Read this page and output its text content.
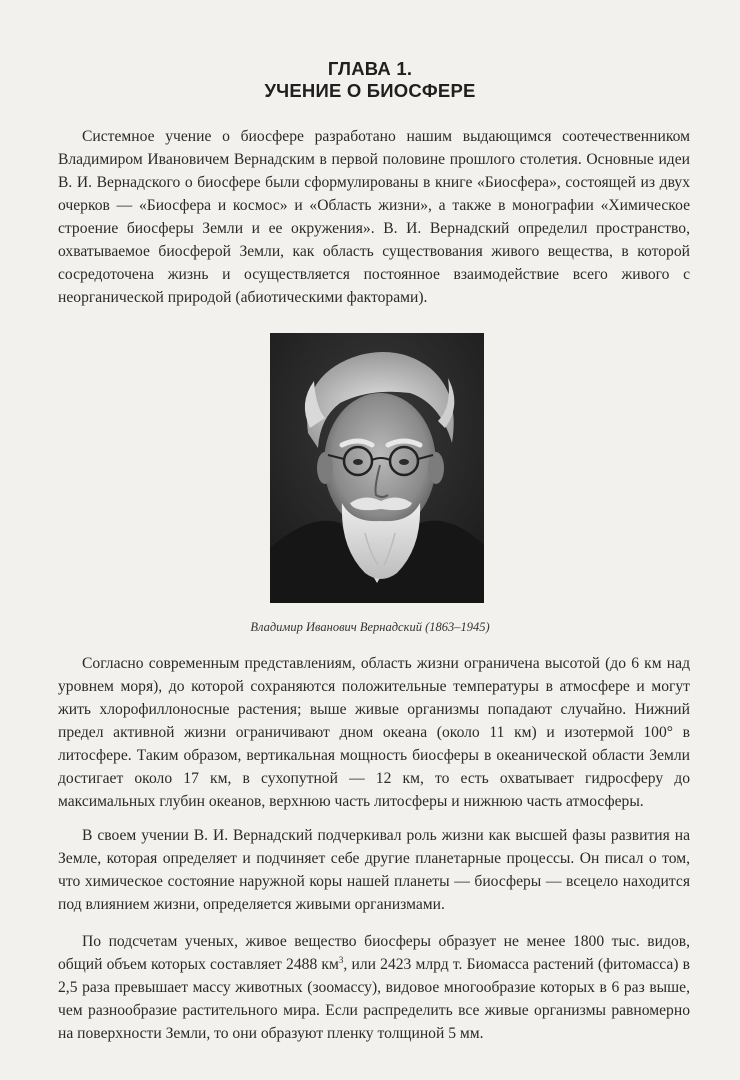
ГЛАВА 1.
УЧЕНИЕ О БИОСФЕРЕ

Системное учение о биосфере разработано нашим выдающимся соотечественником Владимиром Ивановичем Вернадским в первой половине прошлого столетия. Основные идеи В. И. Вернадского о биосфере были сформулированы в книге «Биосфера», состоящей из двух очерков — «Биосфера и космос» и «Область жизни», а также в монографии «Химическое строение биосферы Земли и ее окружения». В. И. Вернадский определил пространство, охватываемое биосферой Земли, как область существования живого вещества, в которой сосредоточена жизнь и осуществляется постоянное взаимодействие всего живого с неорганической природой (абиотическими факторами).

Владимир Иванович Вернадский (1863–1945)

Согласно современным представлениям, область жизни ограничена высотой (до 6 км над уровнем моря), до которой сохраняются положительные температуры в атмосфере и могут жить хлорофиллоносные растения; выше живые организмы попадают случайно. Нижний предел активной жизни ограничивают дном океана (около 11 км) и изотермой 100° в литосфере. Таким образом, вертикальная мощность биосферы в океанической области Земли достигает около 17 км, в сухопутной — 12 км, то есть охватывает гидросферу до максимальных глубин океанов, верхнюю часть литосферы и нижнюю часть атмосферы.

В своем учении В. И. Вернадский подчеркивал роль жизни как высшей фазы развития на Земле, которая определяет и подчиняет себе другие планетарные процессы. Он писал о том, что химическое состояние наружной коры нашей планеты — биосферы — всецело находится под влиянием жизни, определяется живыми организмами.

По подсчетам ученых, живое вещество биосферы образует не менее 1800 тыс. видов, общий объем которых составляет 2488 $км^3$, или 2423 млрд т. Биомасса растений (фитомасса) в 2,5 раза превышает массу животных (зоомассу), видовое многообразие которых в 6 раз выше, чем разнообразие растительного мира. Если распределить все живые организмы равномерно на поверхности Земли, то они образуют пленку толщиной 5 мм.
